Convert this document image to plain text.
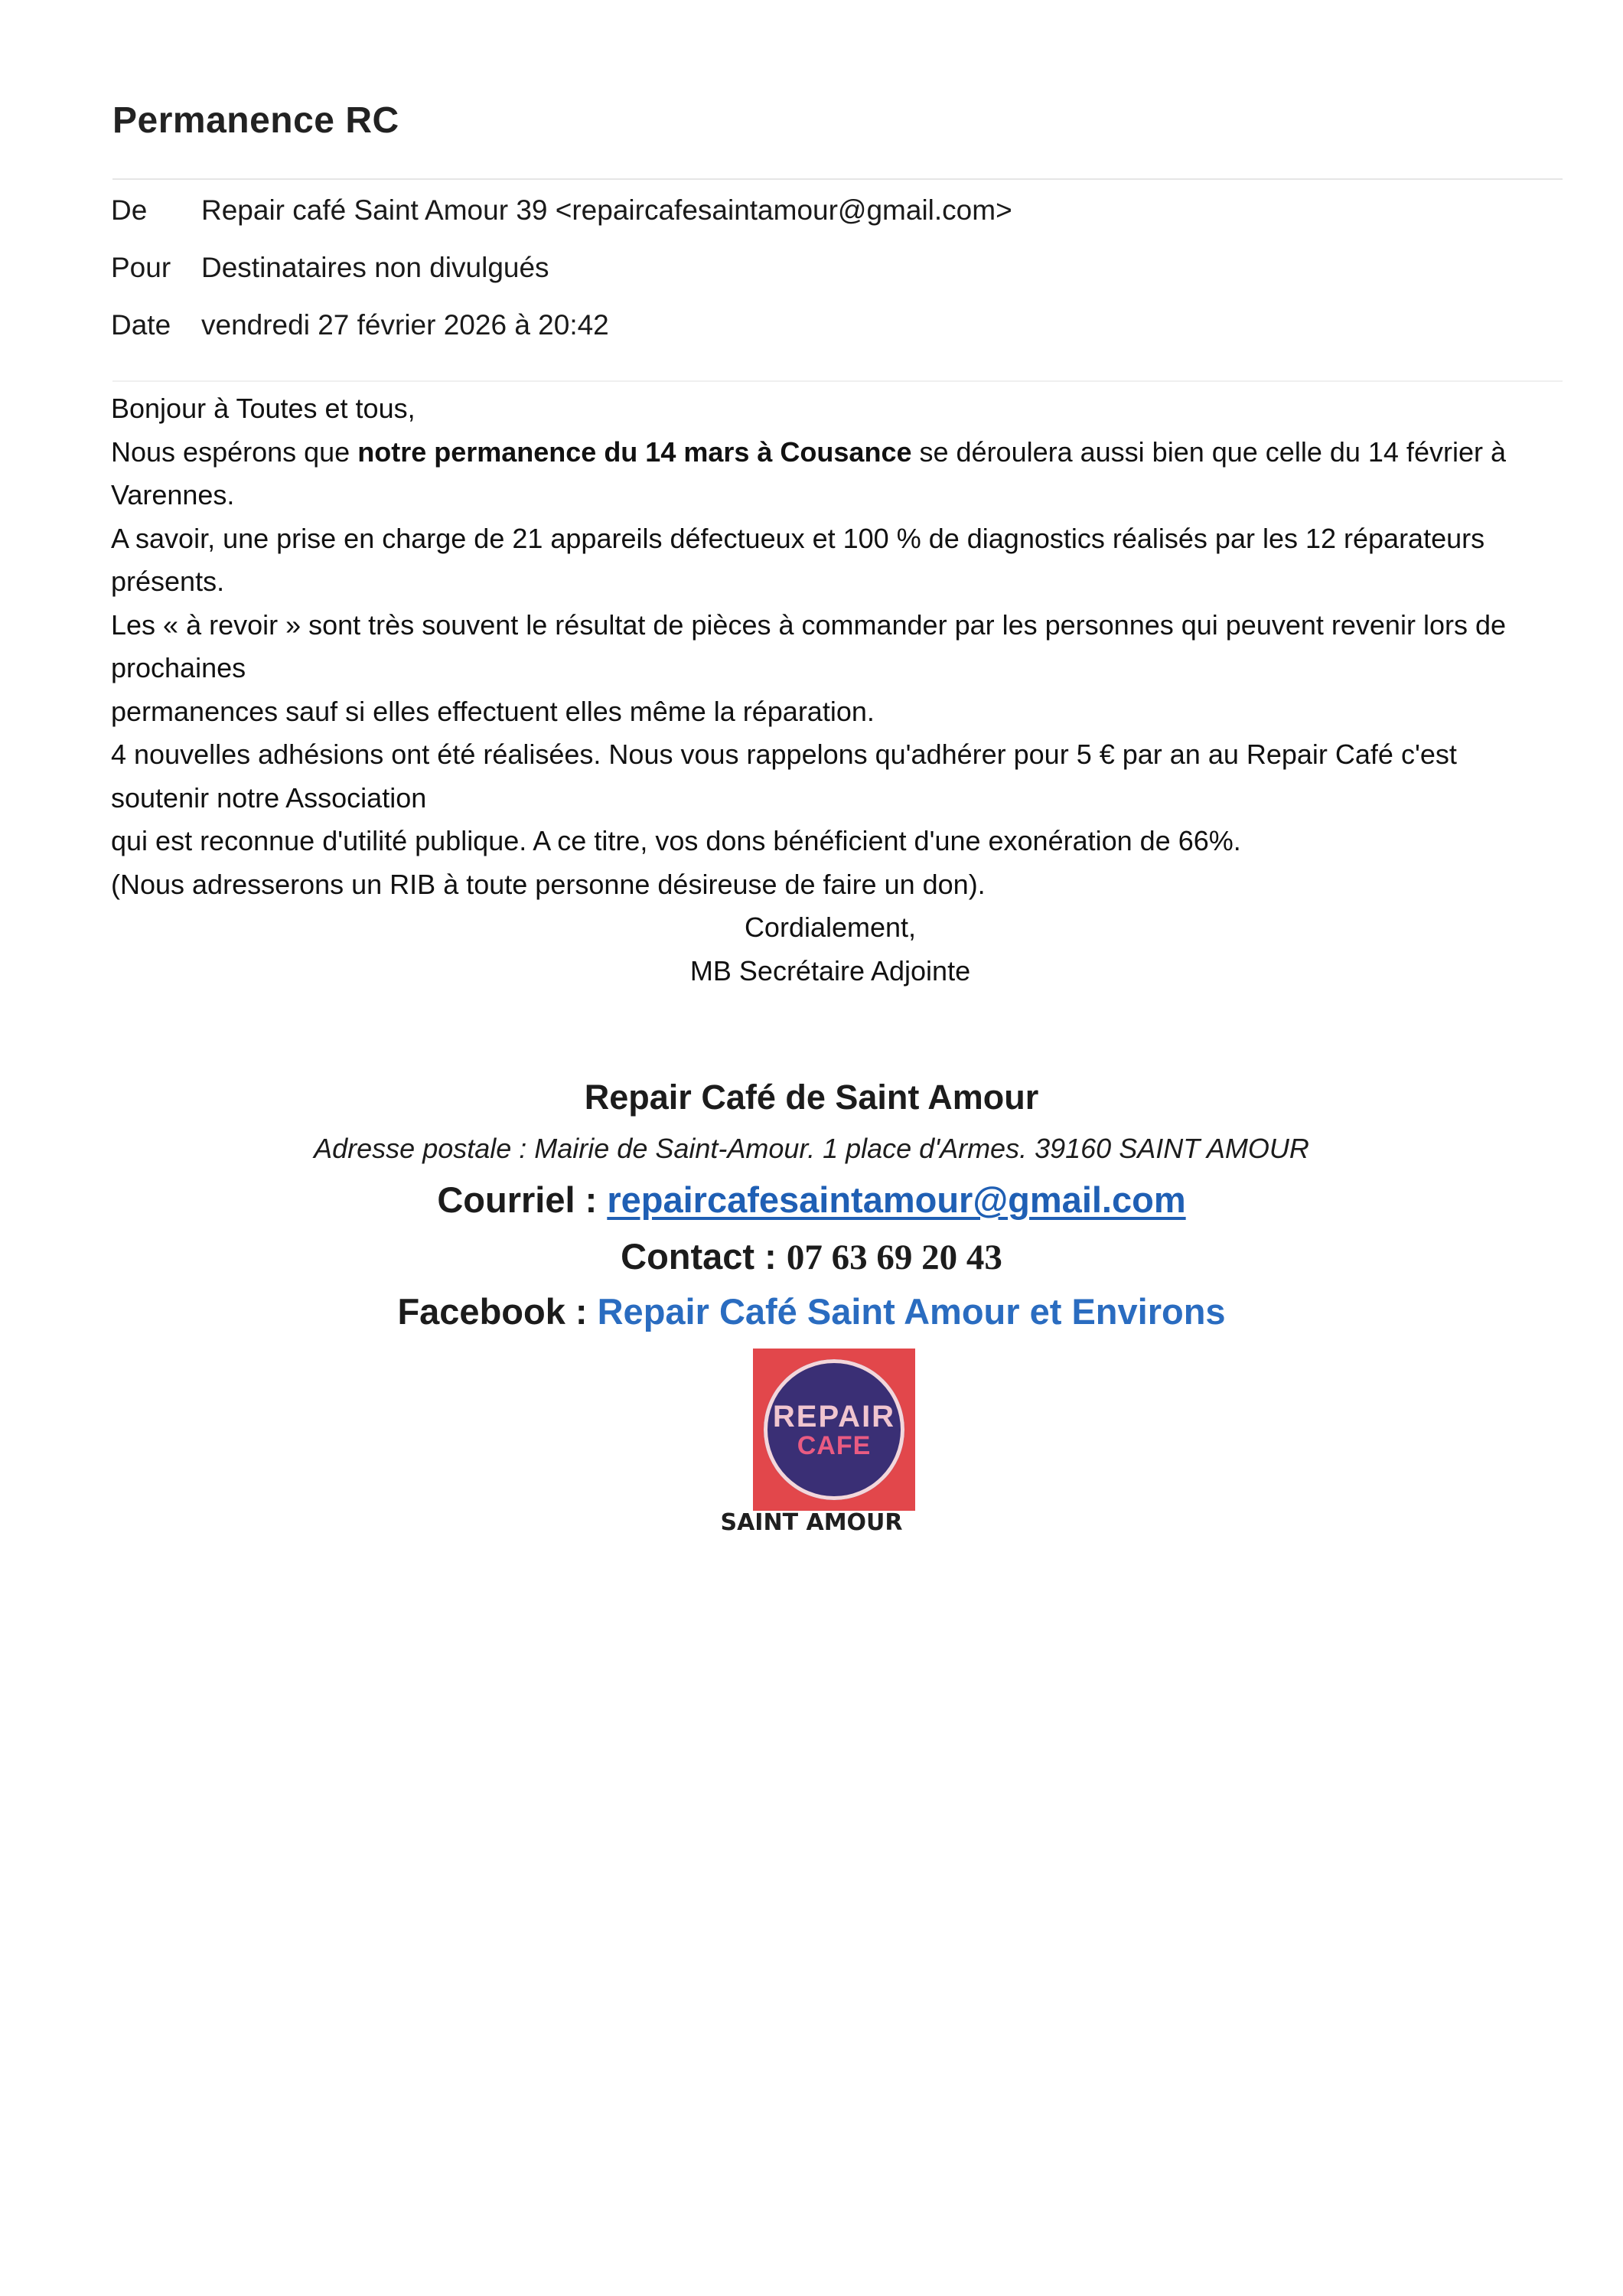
Permanence RC
De Repair café Saint Amour 39 <repaircafesaintamour@gmail.com>
Pour Destinataires non divulgués
Date vendredi 27 février 2026 à 20:42
Bonjour à Toutes et tous,
Nous espérons que notre permanence du 14 mars à Cousance se déroulera aussi bien que celle du 14 février à
Varennes.
A savoir, une prise en charge de 21 appareils défectueux et 100 % de diagnostics réalisés par les 12 réparateurs
présents.
Les « à revoir » sont très souvent le résultat de pièces à commander par les personnes qui peuvent revenir lors de
prochaines
permanences sauf si elles effectuent elles même la réparation.
4 nouvelles adhésions ont été réalisées. Nous vous rappelons qu'adhérer pour 5 € par an au Repair Café c'est
soutenir notre Association
qui est reconnue d'utilité publique. A ce titre, vos dons bénéficient d'une exonération de 66%.
(Nous adresserons un RIB à toute personne désireuse de faire un don).
Cordialement,
MB Secrétaire Adjointe
Repair Café de Saint Amour
Adresse postale : Mairie de Saint-Amour. 1 place d'Armes. 39160 SAINT AMOUR
Courriel : repaircafesaintamour@gmail.com
Contact : 07 63 69 20 43
Facebook : Repair Café Saint Amour et Environs
REPAIR
CAFE
SAINT AMOUR
